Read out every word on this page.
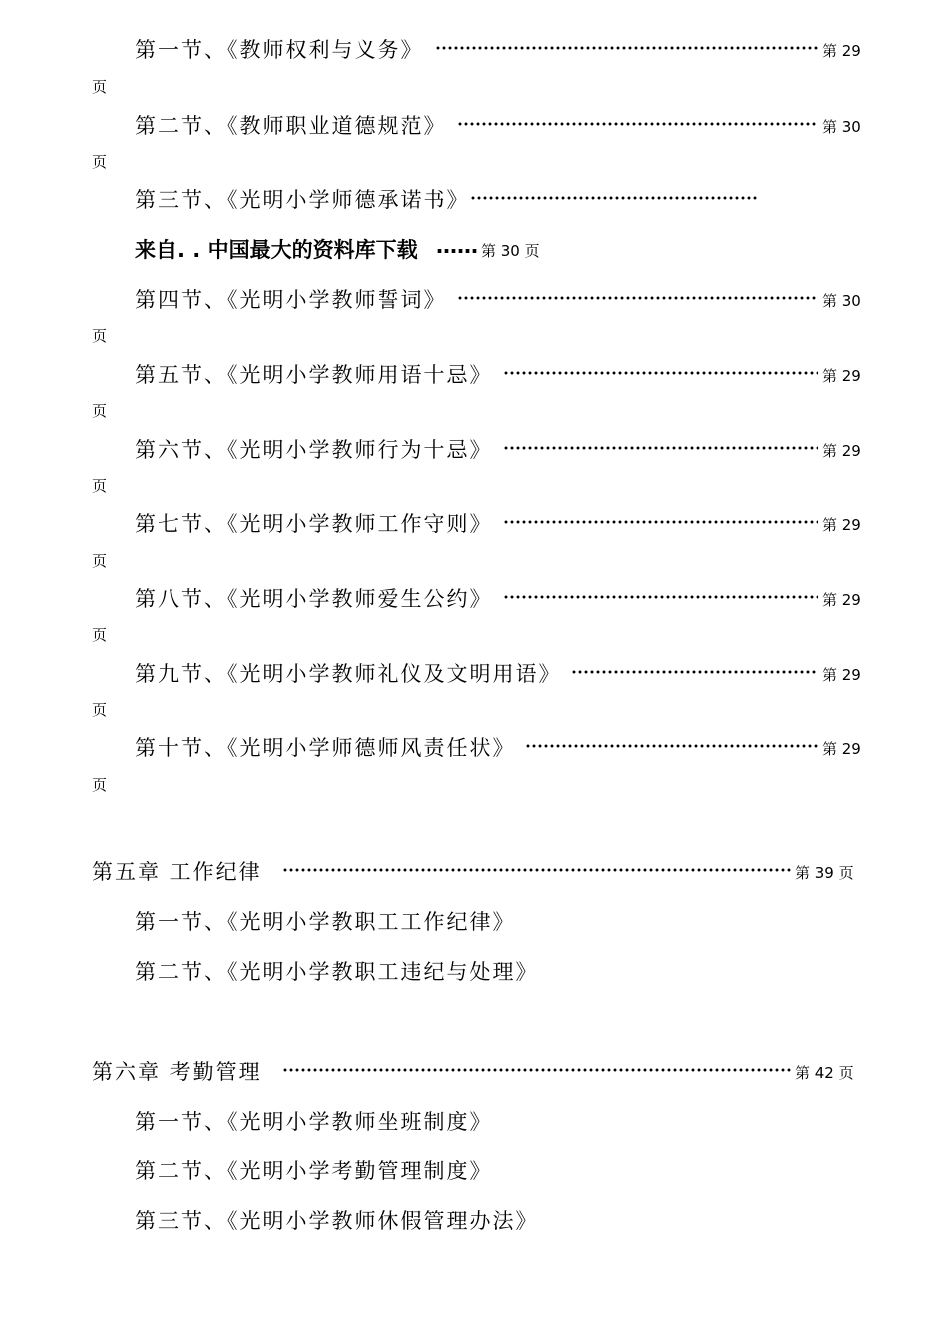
第一节、《教师权利与义务》	第 29
页
第二节、《教师职业道德规范》	第 30
页
第三节、《光明小学师德承诺书》
来自. . 中国最大的资料库下载 …… 第 30 页
第四节、《光明小学教师誓词》	第 30
页
第五节、《光明小学教师用语十忌》	第 29
页
第六节、《光明小学教师行为十忌》	第 29
页
第七节、《光明小学教师工作守则》	第 29
页
第八节、《光明小学教师爱生公约》	第 29
页
第九节、《光明小学教师礼仪及文明用语》	第 29
页
第十节、《光明小学师德师风责任状》	第 29
页
第五章 工作纪律	第 39 页
第一节、《光明小学教职工工作纪律》
第二节、《光明小学教职工违纪与处理》
第六章 考勤管理	第 42 页
第一节、《光明小学教师坐班制度》
第二节、《光明小学考勤管理制度》
第三节、《光明小学教师休假管理办法》
